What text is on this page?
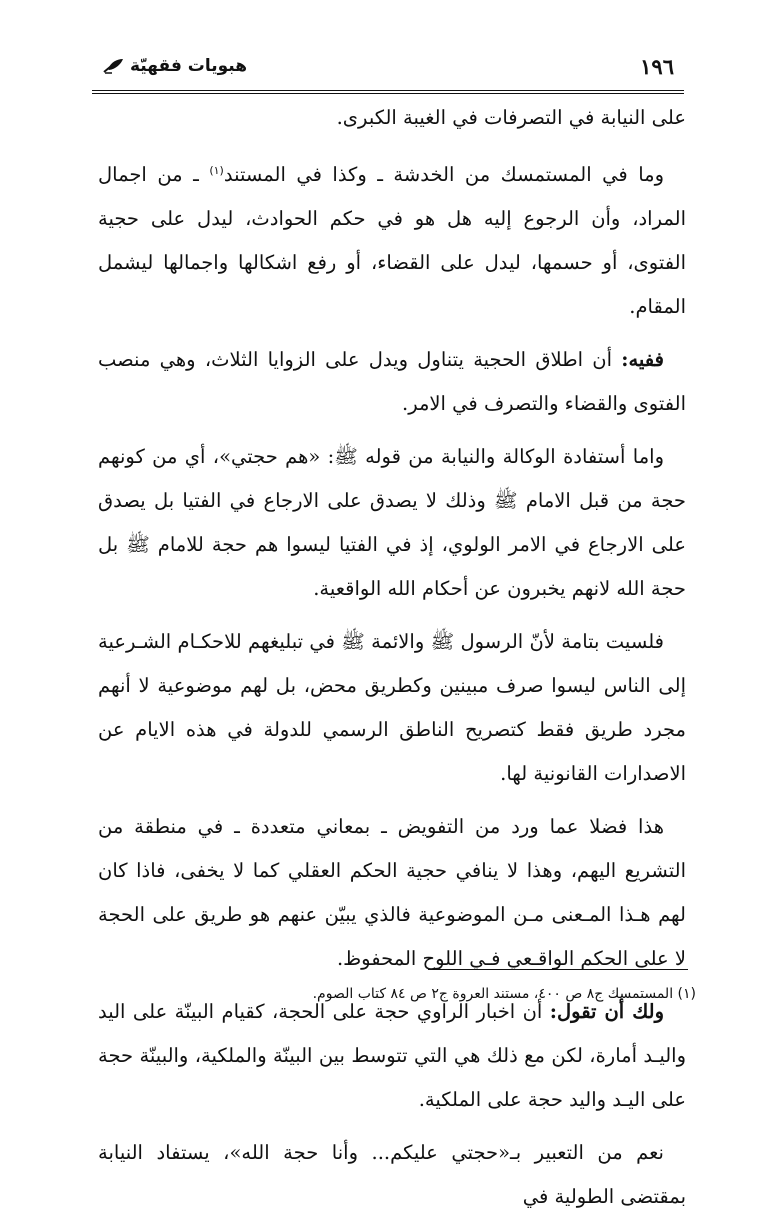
١٩٦
هبويات فقهيّة

على النيابة في التصرفات في الغيبة الكبرى.

وما في المستمسك من الخدشة ـ وكذا في المستند$^{(١)}$ ـ من اجمال المراد، وأن الرجوع إليه هل هو في حكم الحوادث، ليدل على حجية الفتوى، أو حسمها، ليدل على القضاء، أو رفع اشكالها واجمالها ليشمل المقام.

ففيه: أن اطلاق الحجية يتناول ويدل على الزوايا الثلاث، وهي منصب الفتوى والقضاء والتصرف في الامر.

واما أستفادة الوكالة والنيابة من قوله ﷺ: «هم حجتي»، أي من كونهم حجة من قبل الامام ﷺ وذلك لا يصدق على الارجاع في الفتيا بل يصدق على الارجاع في الامر الولوي، إذ في الفتيا ليسوا هم حجة للامام ﷺ بل حجة الله لانهم يخبرون عن أحكام الله الواقعية.

فلسيت بتامة لأنّ الرسول ﷺ والائمة ﷺ في تبليغهم للاحكـام الشـرعية إلى الناس ليسوا صرف مبينين وكطريق محض، بل لهم موضوعية لا أنهم مجرد طريق فقط كتصريح الناطق الرسمي للدولة في هذه الايام عن الاصدارات القانونية لها.

هذا فضلا عما ورد من التفويض ـ بمعاني متعددة ـ في منطقة من التشريع اليهم، وهذا لا ينافي حجية الحكم العقلي كما لا يخفى، فاذا كان لهم هـذا المـعنى مـن الموضوعية فالذي يبيّن عنهم هو طريق على الحجة لا على الحكم الواقـعي فـي اللوح المحفوظ.

ولك أن تقول: أن اخبار الراوي حجة على الحجة، كقيام البينّة على اليد واليـد أمارة، لكن مع ذلك هي التي تتوسط بين البينّة والملكية، والبينّة حجة على اليـد واليد حجة على الملكية.

نعم من التعبير بـ«حجتي عليكم... وأنا حجة الله»، يستفاد النيابة بمقتضى الطولية في

(١) المستمسك ج٨ ص ٤٠٠، مستند العروة ج٢ ص ٨٤ كتاب الصوم.
